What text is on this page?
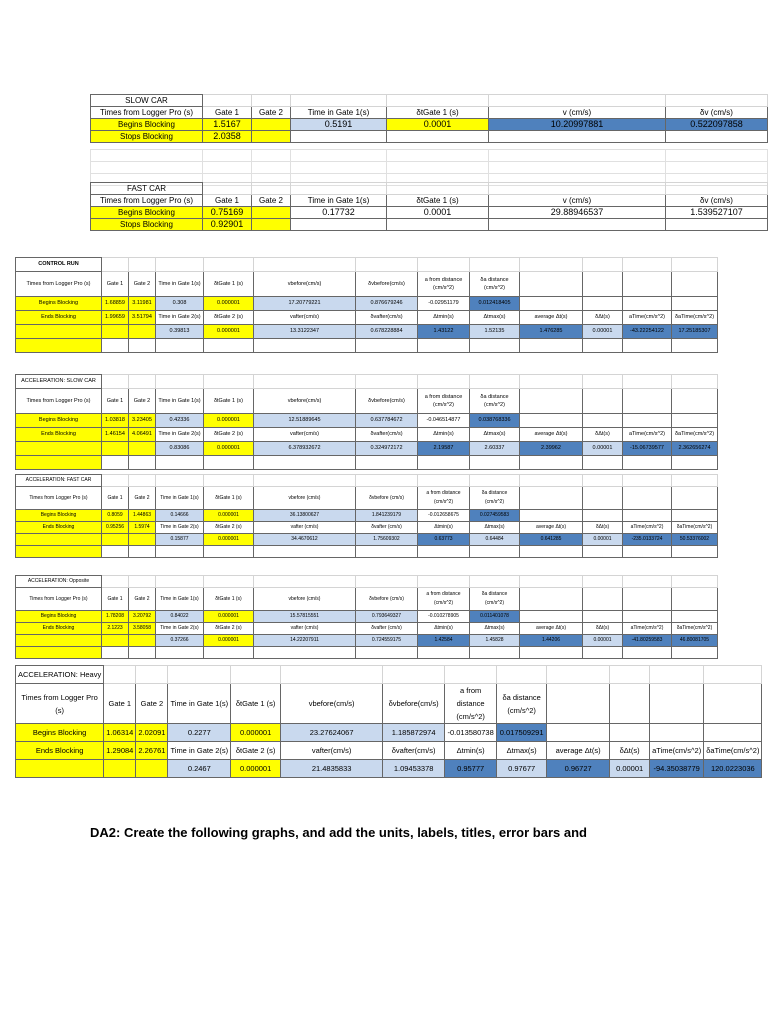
SLOW CAR						
Times from Logger Pro (s)	Gate 1	Gate 2	Time in Gate 1(s)	δtGate 1 (s)	v (cm/s)	δv (cm/s)
Begins Blocking	1.5167		0.5191	0.0001	10.20997881	0.522097858
Stops Blocking	2.0358					

FAST CAR						
Times from Logger Pro (s)	Gate 1	Gate 2	Time in Gate 1(s)	δtGate 1 (s)	v (cm/s)	δv (cm/s)
Begins Blocking	0.75169		0.17732	0.0001	29.88946537	1.539527107
Stops Blocking	0.92901					
CONTROL RUN												
Times from Logger Pro (s)	Gate 1	Gate 2	Time in Gate 1(s)	δtGate 1 (s)	vbefore(cm/s)	δvbefore(cm/s)	a from distance (cm/s^2)	δa distance (cm/s^2)				
Begins Blocking	1.68859	3.11981	0.308	0.000001	17.20779221	0.876679246	-0.02951179	0.012418405				
Ends Blocking	1.99659	3.51794	Time in Gate 2(s)	δtGate 2 (s)	vafter(cm/s)	δvafter(cm/s)	Δtmin(s)	Δtmax(s)	average Δt(s)	δΔt(s)	aTime(cm/s^2)	δaTime(cm/s^2)
			0.39813	0.000001	13.3122347	0.678228884	1.43122	1.52135	1.476285	0.00001	-43.22254122	17.25185307

ACCELERATION: SLOW CAR												
Times from Logger Pro (s)	Gate 1	Gate 2	Time in Gate 1(s)	δtGate 1 (s)	vbefore(cm/s)	δvbefore(cm/s)	a from distance (cm/s^2)	δa distance (cm/s^2)				
Begins Blocking	1.03818	3.23405	0.42336	0.000001	12.51889645	0.637784672	-0.046514877	0.038768336				
Ends Blocking	1.46154	4.06491	Time in Gate 2(s)	δtGate 2 (s)	vafter(cm/s)	δvafter(cm/s)	Δtmin(s)	Δtmax(s)	average Δt(s)	δΔt(s)	aTime(cm/s^2)	δaTime(cm/s^2)
			0.83086	0.000001	6.378932672	0.324972172	2.19587	2.60337	2.39962	0.00001	-15.06739577	2.362656274

ACCELERATION: FAST CAR												
Times from Logger Pro (s)	Gate 1	Gate 2	Time in Gate 1(s)	δtGate 1 (s)	vbefore (cm/s)	δvbefore (cm/s)	a from distance (cm/s^2)	δa distance (cm/s^2)				
Begins Blocking	0.8059	1.44863	0.14666	0.000001	36.13800627	1.841239179	-0.012658675	0.027459583				
Ends Blocking	0.95256	1.5974	Time in Gate 2(s)	δtGate 2 (s)	vafter (cm/s)	δvafter (cm/s)	Δtmin(s)	Δtmax(s)	average Δt(s)	δΔt(s)	aTime(cm/s^2)	δaTime(cm/s^2)
			0.15877	0.000001	34.4670612	1.75609302	0.63773	0.64484	0.641285	0.00001	-235.0133724	50.53376002

ACCELERATION: Opposite												
Times from Logger Pro (s)	Gate 1	Gate 2	Time in Gate 1(s)	δtGate 1 (s)	vbefore (cm/s)	δvbefore (cm/s)	a from distance (cm/s^2)	δa distance (cm/s^2)				
Begins Blocking	1.78208	3.20792	0.84022	0.000001	15.57815551	0.793649327	-0.010278905	0.011401078				
Ends Blocking	2.1223	3.58058	Time in Gate 2(s)	δtGate 2 (s)	vafter (cm/s)	δvafter (cm/s)	Δtmin(s)	Δtmax(s)	average Δt(s)	δΔt(s)	aTime(cm/s^2)	δaTime(cm/s^2)
			0.37266	0.000001	14.22207911	0.724559175	1.42584	1.45828	1.44206	0.00001	-41.80259583	46.80081705

ACCELERATION: Heavy												
Times from Logger Pro (s)	Gate 1	Gate 2	Time in Gate 1(s)	δtGate 1 (s)	vbefore(cm/s)	δvbefore(cm/s)	a from distance (cm/s^2)	δa distance (cm/s^2)				
Begins Blocking	1.06314	2.02091	0.2277	0.000001	23.27624067	1.185872974	-0.013580738	0.017509291				
Ends Blocking	1.29084	2.26761	Time in Gate 2(s)	δtGate 2 (s)	vafter(cm/s)	δvafter(cm/s)	Δtmin(s)	Δtmax(s)	average Δt(s)	δΔt(s)	aTime(cm/s^2)	δaTime(cm/s^2)
			0.2467	0.000001	21.4835833	1.09453378	0.95777	0.97677	0.96727	0.00001	-94.35038779	120.0223036
DA2: Create the following graphs, and add the units, labels, titles, error bars and
